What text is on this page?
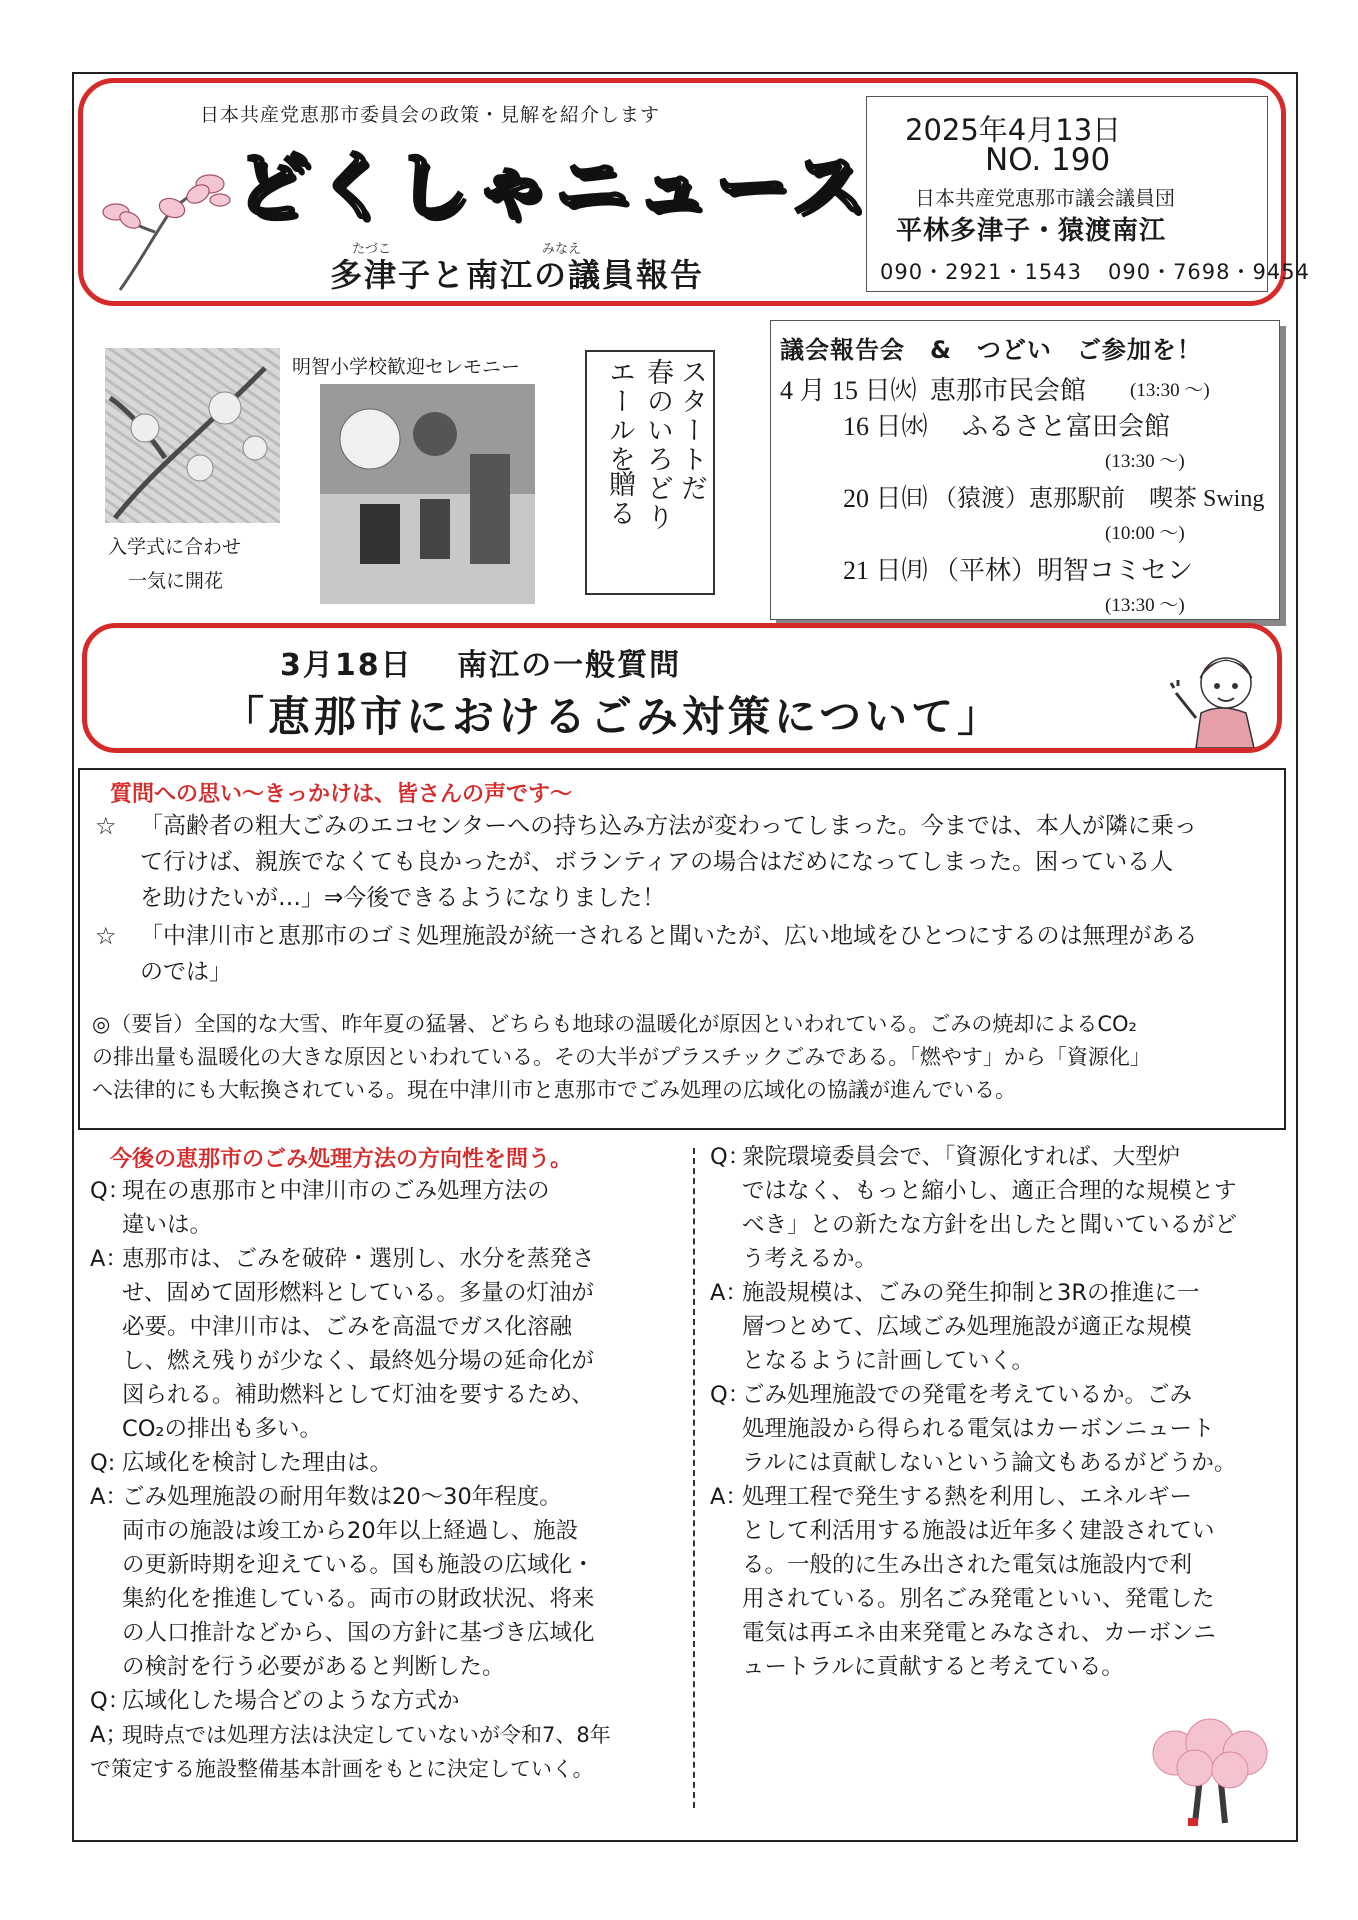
日本共産党恵那市委員会の政策・見解を紹介します
どくしゃニュース
たづこ	みなえ
多津子と南江の議員報告
2025年4月13日
NO. 190
日本共産党恵那市議会議員団
平林多津子・猿渡南江
090・2921・1543 090・7698・9454
入学式に合わせ
一気に開花
明智小学校歓迎セレモニー	スタートだ
春のいろどり
エールを
贈る
議会報告会　&　つどい　ご参加を！
4 月 15 日㈫ 恵那市民会館 (13:30 〜)
16 日㈬ ふるさと富田会館
(13:30 〜)
20 日㈰ （猿渡）恵那駅前　喫茶 Swing
(10:00 〜)
21 日㈪ （平林）明智コミセン
(13:30 〜)
3月18日　 南江の一般質問
「恵那市におけるごみ対策について」
質問への思い〜きっかけは、皆さんの声です〜
☆ 「高齢者の粗大ごみのエコセンターへの持ち込み方法が変わってしまった。今までは、本人が隣に乗っ
て行けば、親族でなくても良かったが、ボランティアの場合はだめになってしまった。困っている人
を助けたいが…」⇒今後できるようになりました！
☆ 「中津川市と恵那市のゴミ処理施設が統一されると聞いたが、広い地域をひとつにするのは無理がある
のでは」
◎（要旨）全国的な大雪、昨年夏の猛暑、どちらも地球の温暖化が原因といわれている。ごみの焼却によるCO₂
の排出量も温暖化の大きな原因といわれている。その大半がプラスチックごみである。「燃やす」から「資源化」
へ法律的にも大転換されている。現在中津川市と恵那市でごみ処理の広域化の協議が進んでいる。
今後の恵那市のごみ処理方法の方向性を問う。
Q：
現在の恵那市と中津川市のごみ処理方法の
違いは。
A：
恵那市は、ごみを破砕・選別し、水分を蒸発さ
せ、固めて固形燃料としている。多量の灯油が
必要。中津川市は、ごみを高温でガス化溶融
し、燃え残りが少なく、最終処分場の延命化が
図られる。補助燃料として灯油を要するため、
CO₂の排出も多い。
Q: 広域化を検討した理由は。
A：
ごみ処理施設の耐用年数は20〜30年程度。
両市の施設は竣工から20年以上経過し、施設
の更新時期を迎えている。国も施設の広域化・
集約化を推進している。両市の財政状況、将来
の人口推計などから、国の方針に基づき広域化
の検討を行う必要があると判断した。
Q：
広域化した場合どのような方式か
A；
現時点では処理方法は決定していないが令和7、8年
で策定する施設整備基本計画をもとに決定していく。
Q：
衆院環境委員会で、「資源化すれば、大型炉
ではなく、もっと縮小し、適正合理的な規模とす
べき」との新たな方針を出したと聞いているがど
う考えるか。
A：
施設規模は、ごみの発生抑制と3Rの推進に一
層つとめて、広域ごみ処理施設が適正な規模
となるように計画していく。
Q：
ごみ処理施設での発電を考えているか。ごみ
処理施設から得られる電気はカーボンニュート
ラルには貢献しないという論文もあるがどうか。
A：
処理工程で発生する熱を利用し、エネルギー
として利活用する施設は近年多く建設されてい
る。一般的に生み出された電気は施設内で利
用されている。別名ごみ発電といい、発電した
電気は再エネ由来発電とみなされ、カーボンニ
ュートラルに貢献すると考えている。
